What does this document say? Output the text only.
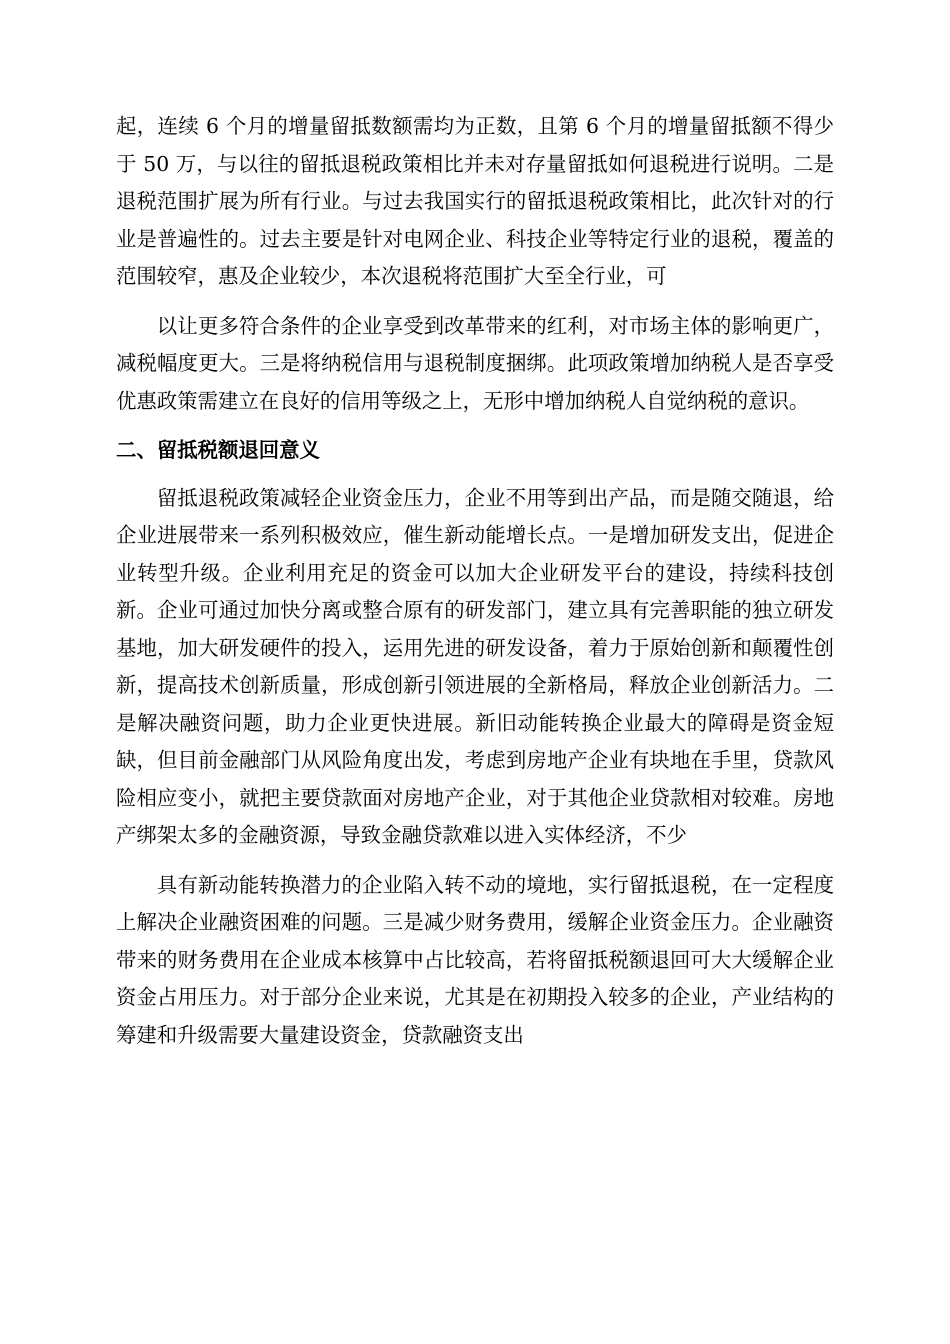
起，连续 6 个月的增量留抵数额需均为正数，且第 6 个月的增量留抵额不得少于 50 万，与以往的留抵退税政策相比并未对存量留抵如何退税进行说明。二是退税范围扩展为所有行业。与过去我国实行的留抵退税政策相比，此次针对的行业是普遍性的。过去主要是针对电网企业、科技企业等特定行业的退税，覆盖的范围较窄，惠及企业较少，本次退税将范围扩大至全行业，可

以让更多符合条件的企业享受到改革带来的红利，对市场主体的影响更广，减税幅度更大。三是将纳税信用与退税制度捆绑。此项政策增加纳税人是否享受优惠政策需建立在良好的信用等级之上，无形中增加纳税人自觉纳税的意识。

二、留抵税额退回意义

留抵退税政策减轻企业资金压力，企业不用等到出产品，而是随交随退，给企业进展带来一系列积极效应，催生新动能增长点。一是增加研发支出，促进企业转型升级。企业利用充足的资金可以加大企业研发平台的建设，持续科技创新。企业可通过加快分离或整合原有的研发部门，建立具有完善职能的独立研发基地，加大研发硬件的投入，运用先进的研发设备，着力于原始创新和颠覆性创新，提高技术创新质量，形成创新引领进展的全新格局，释放企业创新活力。二是解决融资问题，助力企业更快进展。新旧动能转换企业最大的障碍是资金短缺，但目前金融部门从风险角度出发，考虑到房地产企业有块地在手里，贷款风险相应变小，就把主要贷款面对房地产企业，对于其他企业贷款相对较难。房地产绑架太多的金融资源，导致金融贷款难以进入实体经济，不少

具有新动能转换潜力的企业陷入转不动的境地，实行留抵退税，在一定程度上解决企业融资困难的问题。三是减少财务费用，缓解企业资金压力。企业融资带来的财务费用在企业成本核算中占比较高，若将留抵税额退回可大大缓解企业资金占用压力。对于部分企业来说，尤其是在初期投入较多的企业，产业结构的筹建和升级需要大量建设资金，贷款融资支出
